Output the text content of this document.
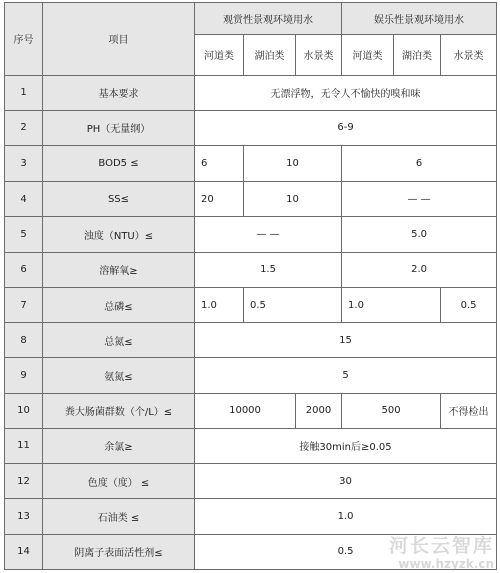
序号	项目	观赏性景观环境用水			娱乐性景观环境用水		
		河道类	湖泊类	水景类	河道类	湖泊类	水景类
1	基本要求	无漂浮物，无令人不愉快的嗅和味					
2	PH（无量纲）	6-9					
3	BOD5 ≤	6	10		6		
4	SS≤	20	10		— —		
5	浊度（NTU）≤	— —			5.0		
6	溶解氧≥	1.5			2.0		
7	总磷≤	1.0	0.5		1.0		0.5
8	总氮≤	15					
9	氨氮≤	5					
10	粪大肠菌群数（个/L）≤	10000		2000	500		不得检出
11	余氯≥	接触30min后≥0.05					
12	色度（度） ≤	30					
13	石油类 ≤	1.0					
14	阴离子表面活性剂≤	0.5					河长云智库
www.hzyzk.cn
